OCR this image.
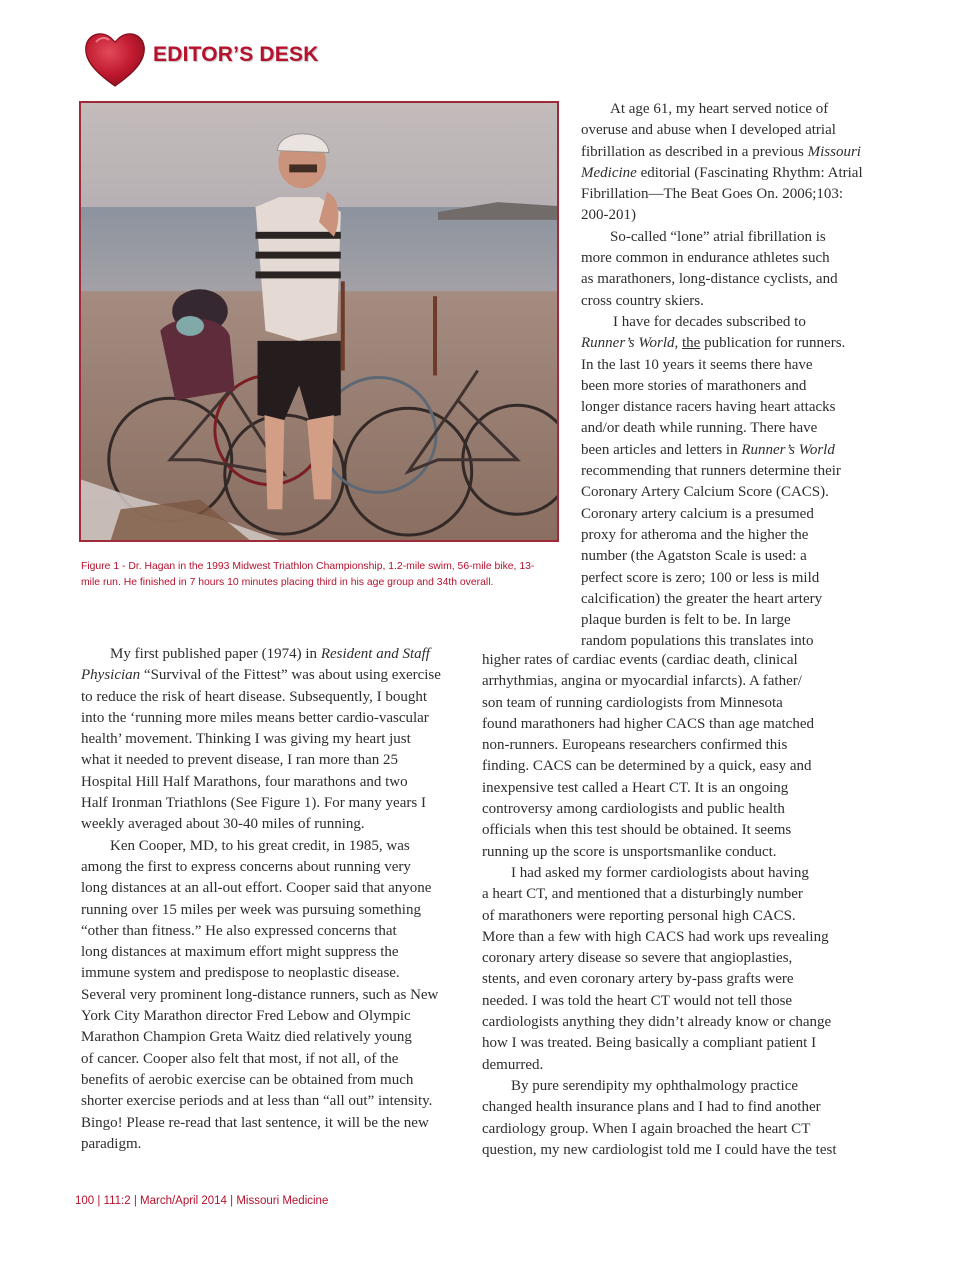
EDITOR’S DESK
Figure 1 - Dr. Hagan in the 1993 Midwest Triathlon Championship, 1.2-mile swim, 56-mile bike, 13-mile run. He finished in 7 hours 10 minutes placing third in his age group and 34th overall.

At age 61, my heart served notice of
overuse and abuse when I developed atrial
fibrillation as described in a previous Missouri
Medicine editorial (Fascinating Rhythm: Atrial
Fibrillation—The Beat Goes On. 2006;103:
200-201)

So-called “lone” atrial fibrillation is
more common in endurance athletes such
as marathoners, long-distance cyclists, and
cross country skiers.

I have for decades subscribed to
Runner’s World, the publication for runners.
In the last 10 years it seems there have
been more stories of marathoners and
longer distance racers having heart attacks
and/or death while running. There have
been articles and letters in Runner’s World
recommending that runners determine their
Coronary Artery Calcium Score (CACS).
Coronary artery calcium is a presumed
proxy for atheroma and the higher the
number (the Agatston Scale is used: a
perfect score is zero; 100 or less is mild
calcification) the greater the heart artery
plaque burden is felt to be. In large
random populations this translates into

higher rates of cardiac events (cardiac death, clinical
arrhythmias, angina or myocardial infarcts). A father/
son team of running cardiologists from Minnesota
found marathoners had higher CACS than age matched
non-runners. Europeans researchers confirmed this
finding. CACS can be determined by a quick, easy and
inexpensive test called a Heart CT. It is an ongoing
controversy among cardiologists and public health
officials when this test should be obtained. It seems
running up the score is unsportsmanlike conduct.

I had asked my former cardiologists about having
a heart CT, and mentioned that a disturbingly number
of marathoners were reporting personal high CACS.
More than a few with high CACS had work ups revealing
coronary artery disease so severe that angioplasties,
stents, and even coronary artery by-pass grafts were
needed. I was told the heart CT would not tell those
cardiologists anything they didn’t already know or change
how I was treated. Being basically a compliant patient I
demurred.

By pure serendipity my ophthalmology practice
changed health insurance plans and I had to find another
cardiology group. When I again broached the heart CT
question, my new cardiologist told me I could have the test

My first published paper (1974) in Resident and Staff
Physician “Survival of the Fittest” was about using exercise
to reduce the risk of heart disease. Subsequently, I bought
into the ‘running more miles means better cardio-vascular
health’ movement. Thinking I was giving my heart just
what it needed to prevent disease, I ran more than 25
Hospital Hill Half Marathons, four marathons and two
Half Ironman Triathlons (See Figure 1). For many years I
weekly averaged about 30-40 miles of running.

Ken Cooper, MD, to his great credit, in 1985, was
among the first to express concerns about running very
long distances at an all-out effort. Cooper said that anyone
running over 15 miles per week was pursuing something
“other than fitness.” He also expressed concerns that
long distances at maximum effort might suppress the
immune system and predispose to neoplastic disease.
Several very prominent long-distance runners, such as New
York City Marathon director Fred Lebow and Olympic
Marathon Champion Greta Waitz died relatively young
of cancer. Cooper also felt that most, if not all, of the
benefits of aerobic exercise can be obtained from much
shorter exercise periods and at less than “all out” intensity.
Bingo! Please re-read that last sentence, it will be the new
paradigm.

100 | 111:2 | March/April 2014 | Missouri Medicine
